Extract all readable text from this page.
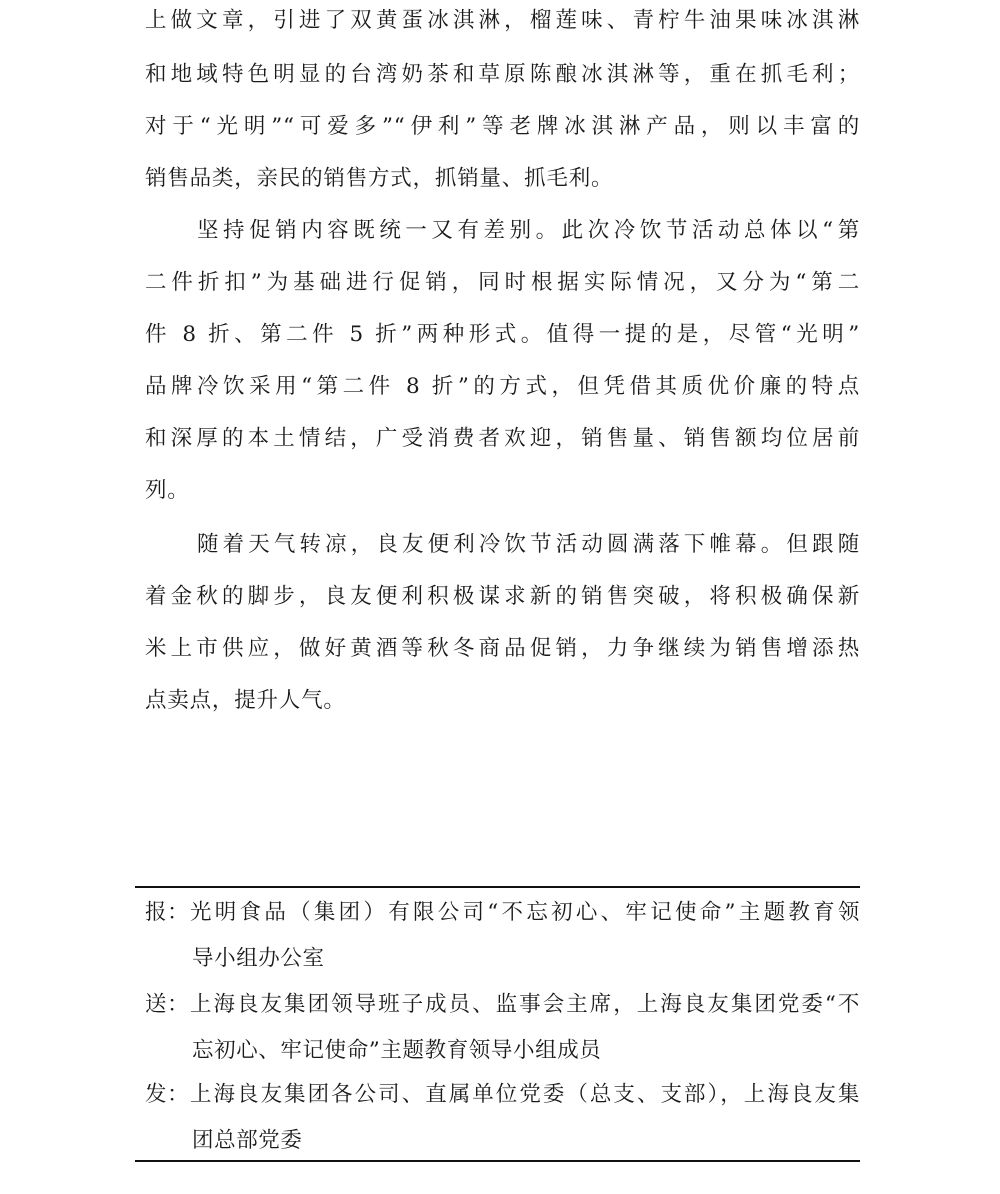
上做文章，引进了双黄蛋冰淇淋，榴莲味、青柠牛油果味冰淇淋
和地域特色明显的台湾奶茶和草原陈酿冰淇淋等，重在抓毛利；
对于“光明”“可爱多”“伊利”等老牌冰淇淋产品，则以丰富的
销售品类，亲民的销售方式，抓销量、抓毛利。
坚持促销内容既统一又有差别。此次冷饮节活动总体以“第
二件折扣”为基础进行促销，同时根据实际情况，又分为“第二
件 8 折、第二件 5 折”两种形式。值得一提的是，尽管“光明”
品牌冷饮采用“第二件 8 折”的方式，但凭借其质优价廉的特点
和深厚的本土情结，广受消费者欢迎，销售量、销售额均位居前
列。
随着天气转凉，良友便利冷饮节活动圆满落下帷幕。但跟随
着金秋的脚步，良友便利积极谋求新的销售突破，将积极确保新
米上市供应，做好黄酒等秋冬商品促销，力争继续为销售增添热
点卖点，提升人气。
报： 光明食品（集团）有限公司“不忘初心、牢记使命”主题教育领
导小组办公室
送： 上海良友集团领导班子成员、监事会主席，上海良友集团党委“不
忘初心、牢记使命”主题教育领导小组成员
发： 上海良友集团各公司、直属单位党委（总支、支部），上海良友集
团总部党委
